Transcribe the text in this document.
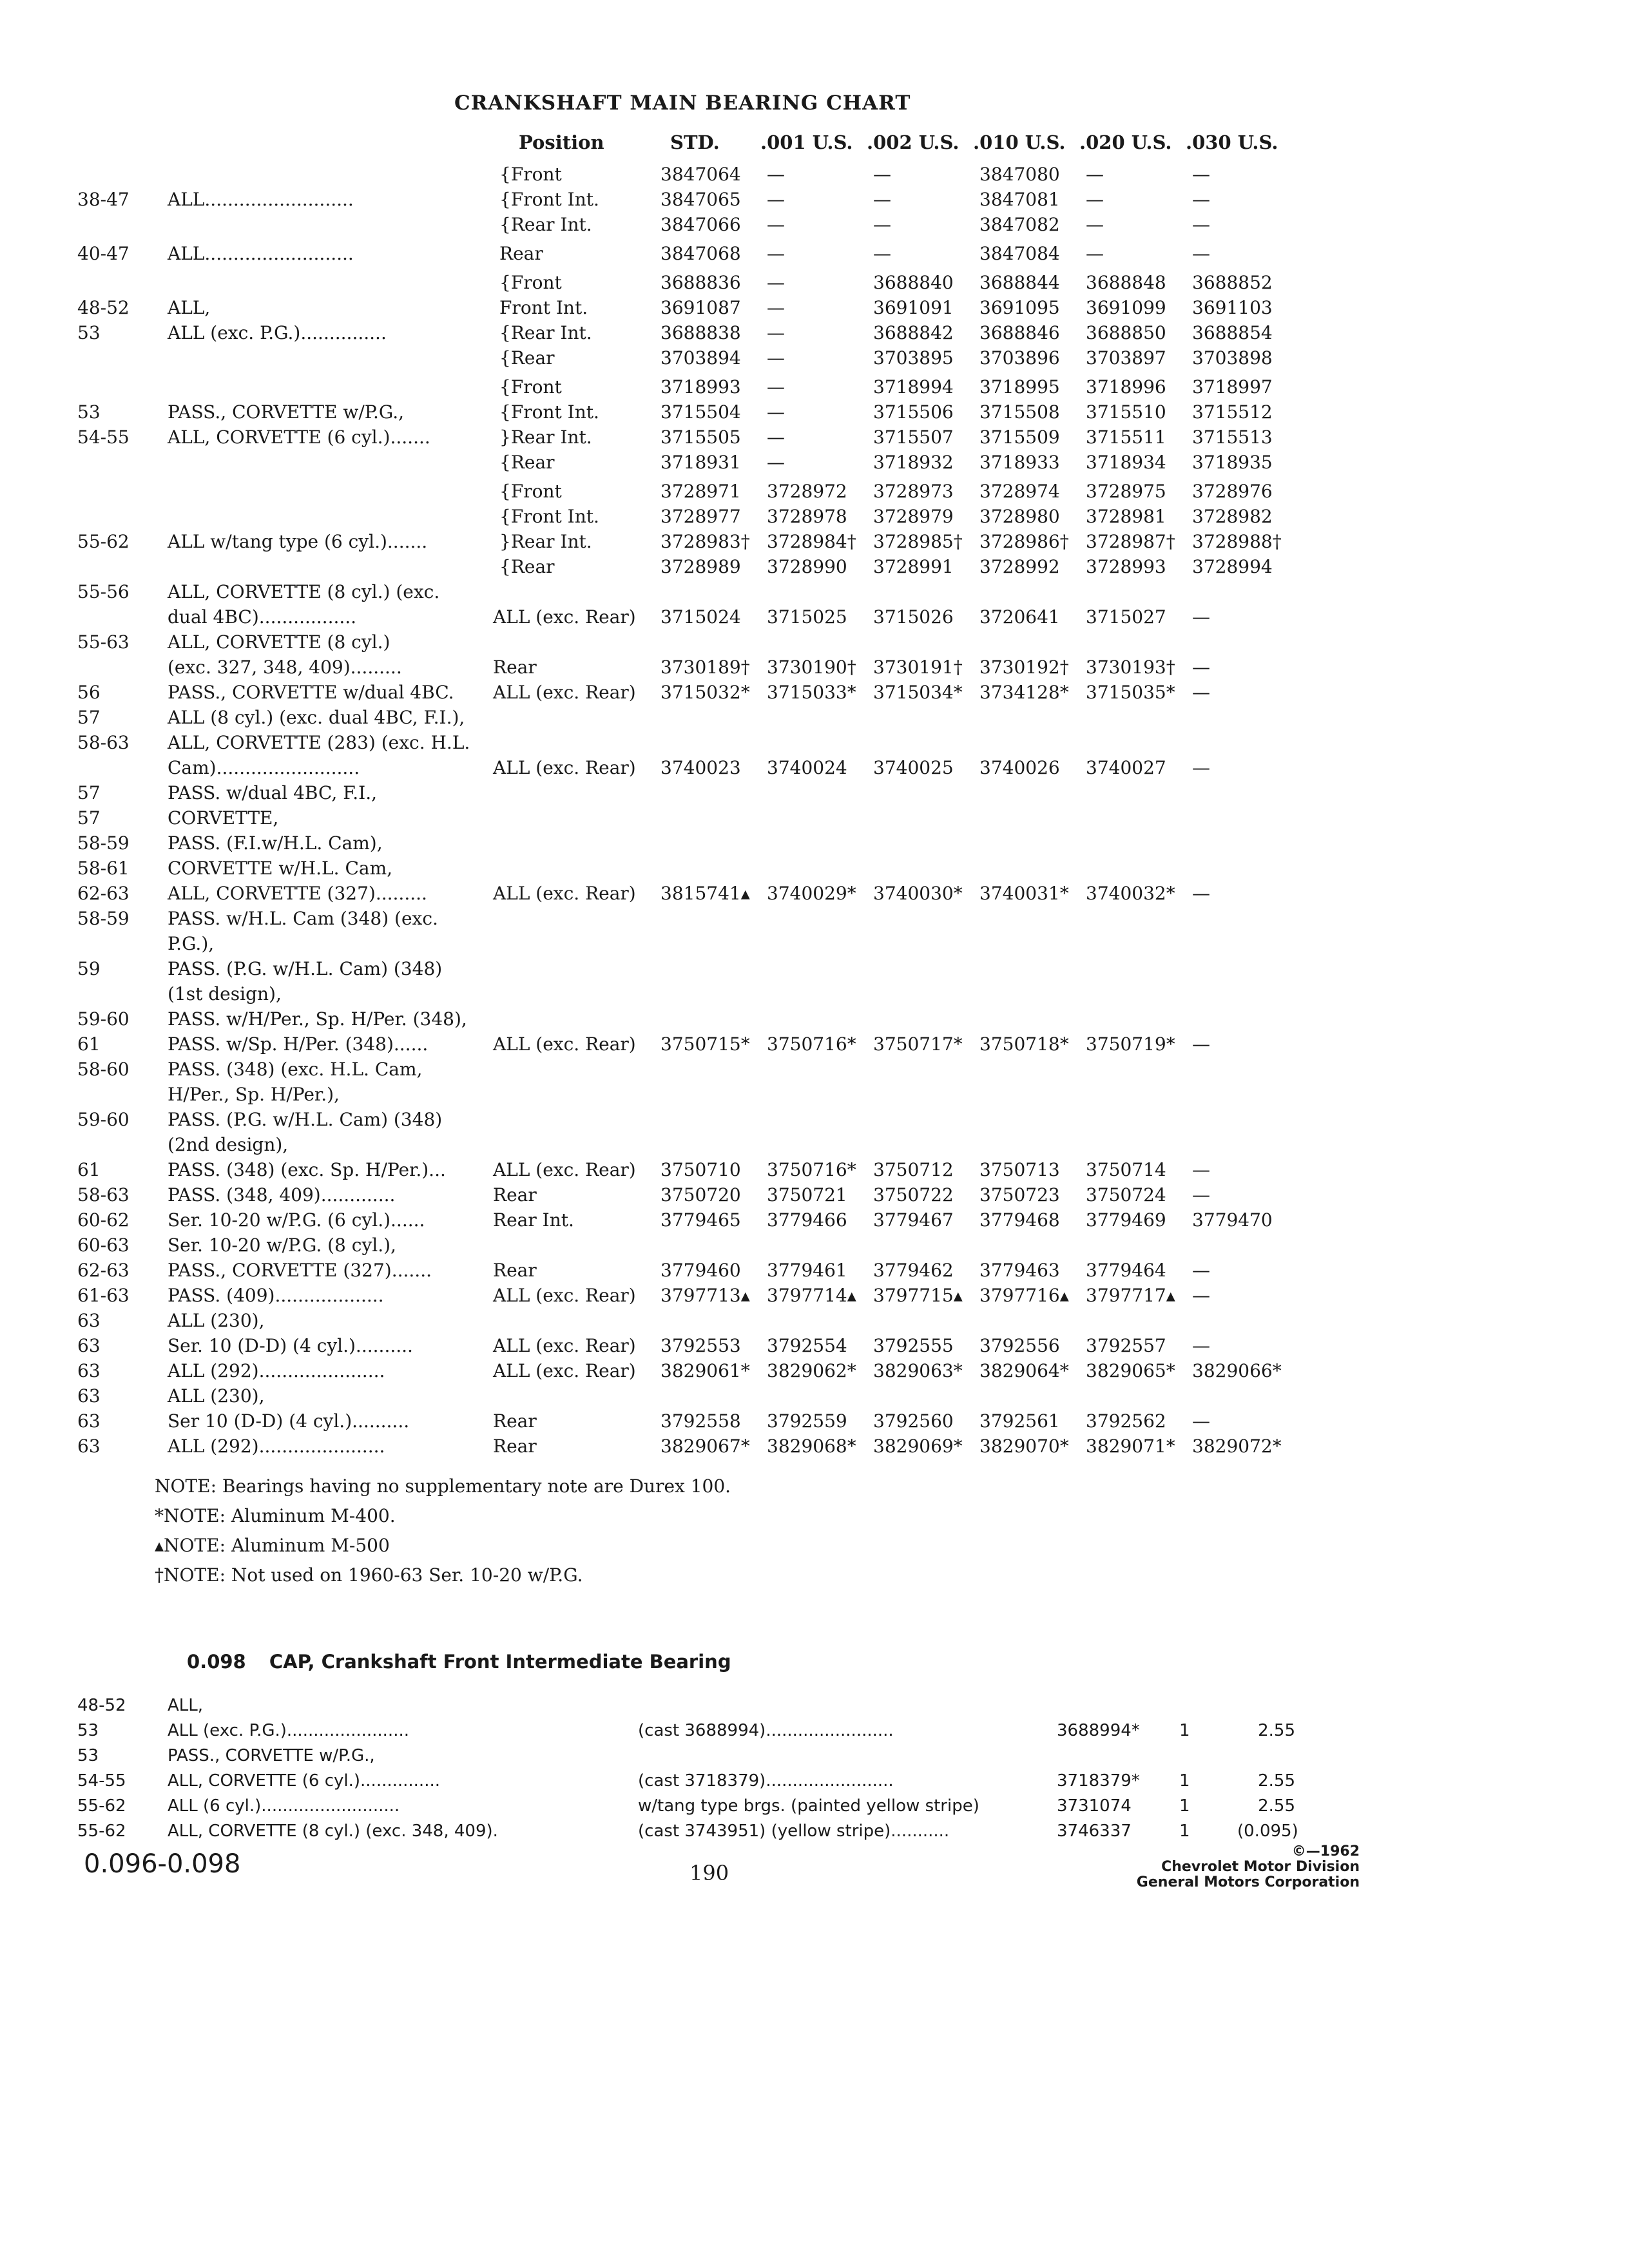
CRANKSHAFT MAIN BEARING CHART
Position	STD. .001 U.S. .002 U.S. .010 U.S. .020 U.S. .030 U.S.
{Front	3847064 —	—	3847080 —	—
38-47 ALL..........................	{Front Int.	3847065 —	—	3847081 —	—
{Rear Int.	3847066 —	—	3847082 —	—
40-47 ALL..........................	Rear	3847068 —	—	3847084 —	—
{Front	3688836 —	3688840 3688844 3688848 3688852
48-52 ALL,	Front Int.	3691087 —	3691091 3691095 3691099 3691103
53	ALL (exc. P.G.)...............	{Rear Int.	3688838 —	3688842 3688846 3688850 3688854
{Rear	3703894 —	3703895 3703896 3703897 3703898
{Front	3718993 —	3718994 3718995 3718996 3718997
53	PASS., CORVETTE w/P.G.,	{Front Int.	3715504 —	3715506 3715508 3715510 3715512
54-55 ALL, CORVETTE (6 cyl.).......	}Rear Int.	3715505 —	3715507 3715509 3715511 3715513
{Rear	3718931 —	3718932 3718933 3718934 3718935
{Front	3728971 3728972 3728973 3728974 3728975 3728976
{Front Int.	3728977 3728978 3728979 3728980 3728981 3728982
55-62 ALL w/tang type (6 cyl.).......	}Rear Int.	3728983† 3728984† 3728985† 3728986† 3728987† 3728988†
{Rear	3728989 3728990 3728991 3728992 3728993 3728994
55-56 ALL, CORVETTE (8 cyl.) (exc.
dual 4BC).................	ALL (exc. Rear) 3715024 3715025 3715026 3720641 3715027 —
55-63 ALL, CORVETTE (8 cyl.)
(exc. 327, 348, 409).........	Rear	3730189† 3730190† 3730191† 3730192† 3730193† —
56	PASS., CORVETTE w/dual 4BC. ALL (exc. Rear) 3715032* 3715033* 3715034* 3734128* 3715035* —
57	ALL (8 cyl.) (exc. dual 4BC, F.I.),
58-63 ALL, CORVETTE (283) (exc. H.L.
Cam).........................	ALL (exc. Rear) 3740023 3740024 3740025 3740026 3740027 —
57	PASS. w/dual 4BC, F.I.,
57	CORVETTE,
58-59 PASS. (F.I.w/H.L. Cam),
58-61 CORVETTE w/H.L. Cam,
62-63 ALL, CORVETTE (327).........	ALL (exc. Rear) 3815741▴ 3740029* 3740030* 3740031* 3740032* —
58-59 PASS. w/H.L. Cam (348) (exc.
P.G.),
59	PASS. (P.G. w/H.L. Cam) (348)
(1st design),
59-60 PASS. w/H/Per., Sp. H/Per. (348),
61	PASS. w/Sp. H/Per. (348)......	ALL (exc. Rear) 3750715* 3750716* 3750717* 3750718* 3750719* —
58-60 PASS. (348) (exc. H.L. Cam,
H/Per., Sp. H/Per.),
59-60 PASS. (P.G. w/H.L. Cam) (348)
(2nd design),
61	PASS. (348) (exc. Sp. H/Per.)...	ALL (exc. Rear) 3750710 3750716* 3750712 3750713 3750714 —
58-63 PASS. (348, 409).............	Rear	3750720 3750721 3750722 3750723 3750724 —
60-62 Ser. 10-20 w/P.G. (6 cyl.)......	Rear Int.	3779465 3779466 3779467 3779468 3779469 3779470
60-63 Ser. 10-20 w/P.G. (8 cyl.),
62-63 PASS., CORVETTE (327).......	Rear	3779460 3779461 3779462 3779463 3779464 —
61-63 PASS. (409)...................	ALL (exc. Rear) 3797713▴ 3797714▴ 3797715▴ 3797716▴ 3797717▴ —
63	ALL (230),
63	Ser. 10 (D-D) (4 cyl.)..........	ALL (exc. Rear) 3792553 3792554 3792555 3792556 3792557 —
63	ALL (292)......................	ALL (exc. Rear) 3829061* 3829062* 3829063* 3829064* 3829065* 3829066*
63	ALL (230),
63	Ser 10 (D-D) (4 cyl.)..........	Rear	3792558 3792559 3792560 3792561 3792562 —
63	ALL (292)......................	Rear	3829067* 3829068* 3829069* 3829070* 3829071* 3829072*
NOTE: Bearings having no supplementary note are Durex 100.
*NOTE: Aluminum M-400.
▴NOTE: Aluminum M-500
†NOTE: Not used on 1960-63 Ser. 10-20 w/P.G.
0.098 CAP, Crankshaft Front Intermediate Bearing
48-52 ALL,
53	ALL (exc. P.G.).......................	(cast 3688994)........................	3688994* 1	2.55
53	PASS., CORVETTE w/P.G.,
54-55 ALL, CORVETTE (6 cyl.)...............	(cast 3718379)........................	3718379* 1	2.55
55-62 ALL (6 cyl.)..........................	w/tang type brgs. (painted yellow stripe)	3731074	1	2.55
55-62 ALL, CORVETTE (8 cyl.) (exc. 348, 409).	(cast 3743951) (yellow stripe)...........	3746337	1	(0.095)
0.096-0.098	190
©—1962
Chevrolet Motor Division
General Motors Corporation
